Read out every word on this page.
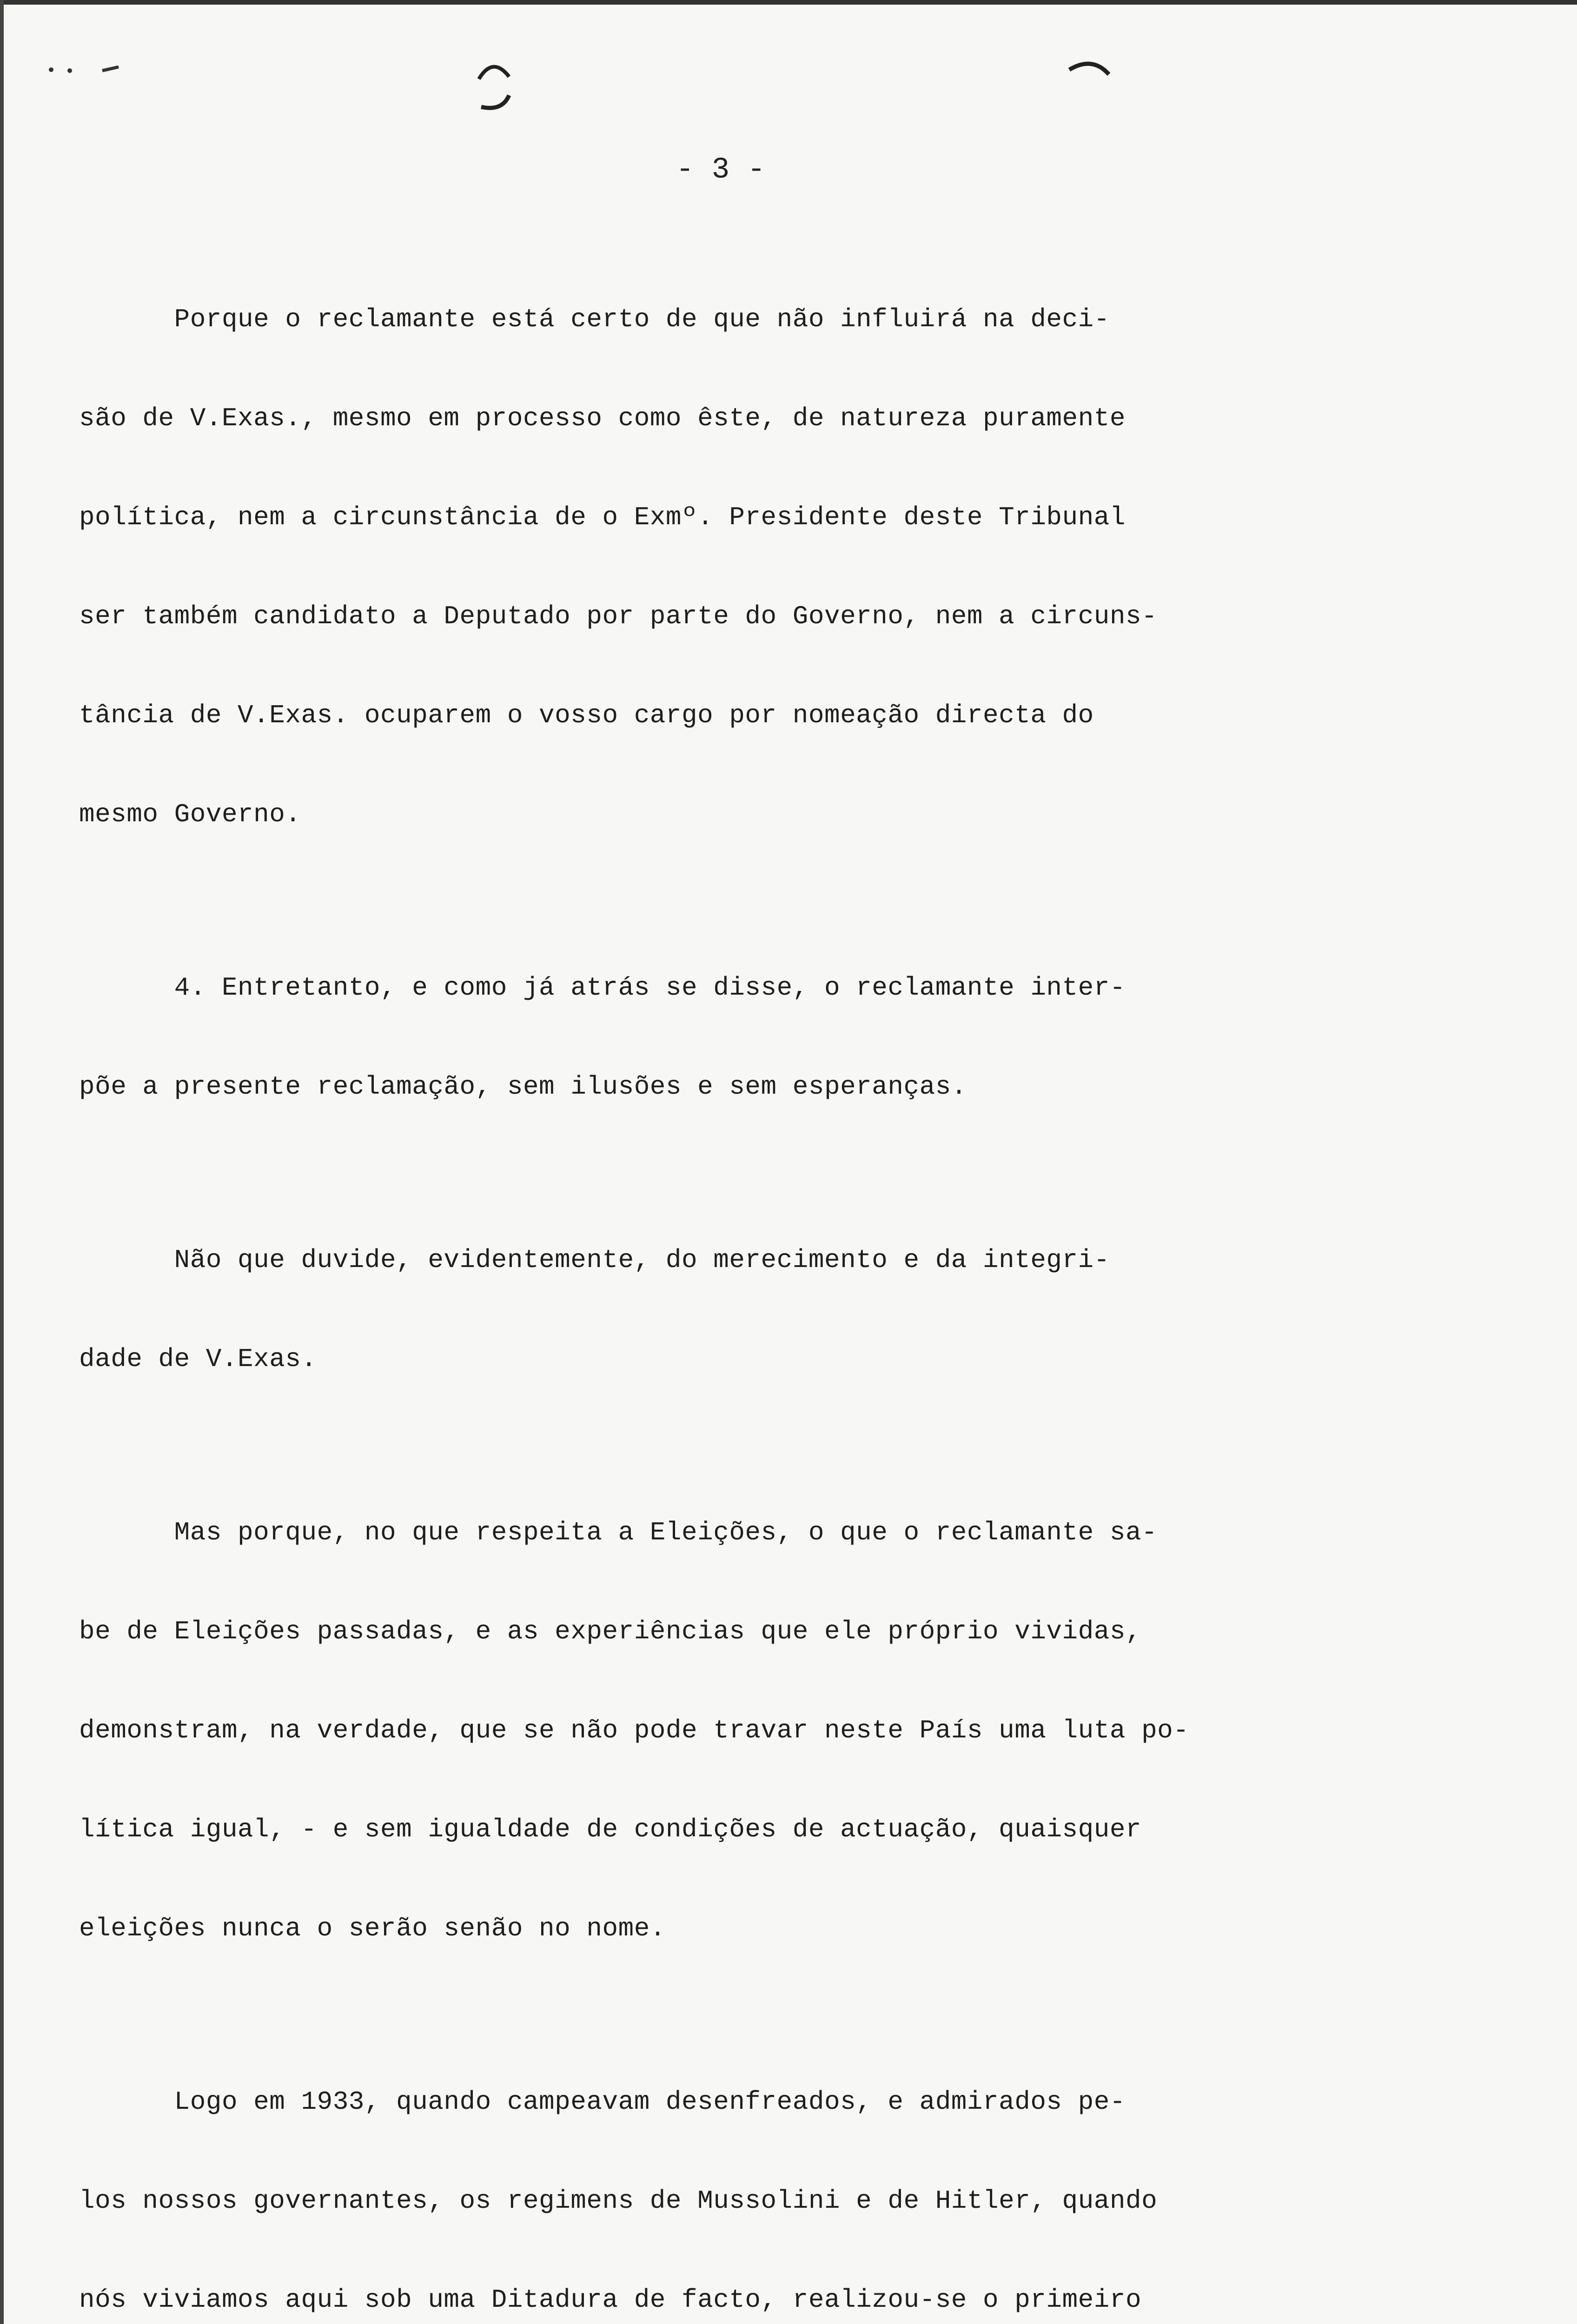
- 3 -

Porque o reclamante está certo de que não influirá na deci-

são de V.Exas., mesmo em processo como êste, de natureza puramente

política, nem a circunstância de o Exmº. Presidente deste Tribunal

ser também candidato a Deputado por parte do Governo, nem a circuns-

tância de V.Exas. ocuparem o vosso cargo por nomeação directa do

mesmo Governo.

4. Entretanto, e como já atrás se disse, o reclamante inter-

põe a presente reclamação, sem ilusões e sem esperanças.

Não que duvide, evidentemente, do merecimento e da integri-

dade de V.Exas.

Mas porque, no que respeita a Eleições, o que o reclamante sa-

be de Eleições passadas, e as experiências que ele próprio vividas,

demonstram, na verdade, que se não pode travar neste País uma luta po-

lítica igual, - e sem igualdade de condições de actuação, quaisquer

eleições nunca o serão senão no nome.

Logo em 1933, quando campeavam desenfreados, e admirados pe-

los nossos governantes, os regimens de Mussolini e de Hitler, quando

nós viviamos aqui sob uma Ditadura de facto, realizou-se o primeiro
